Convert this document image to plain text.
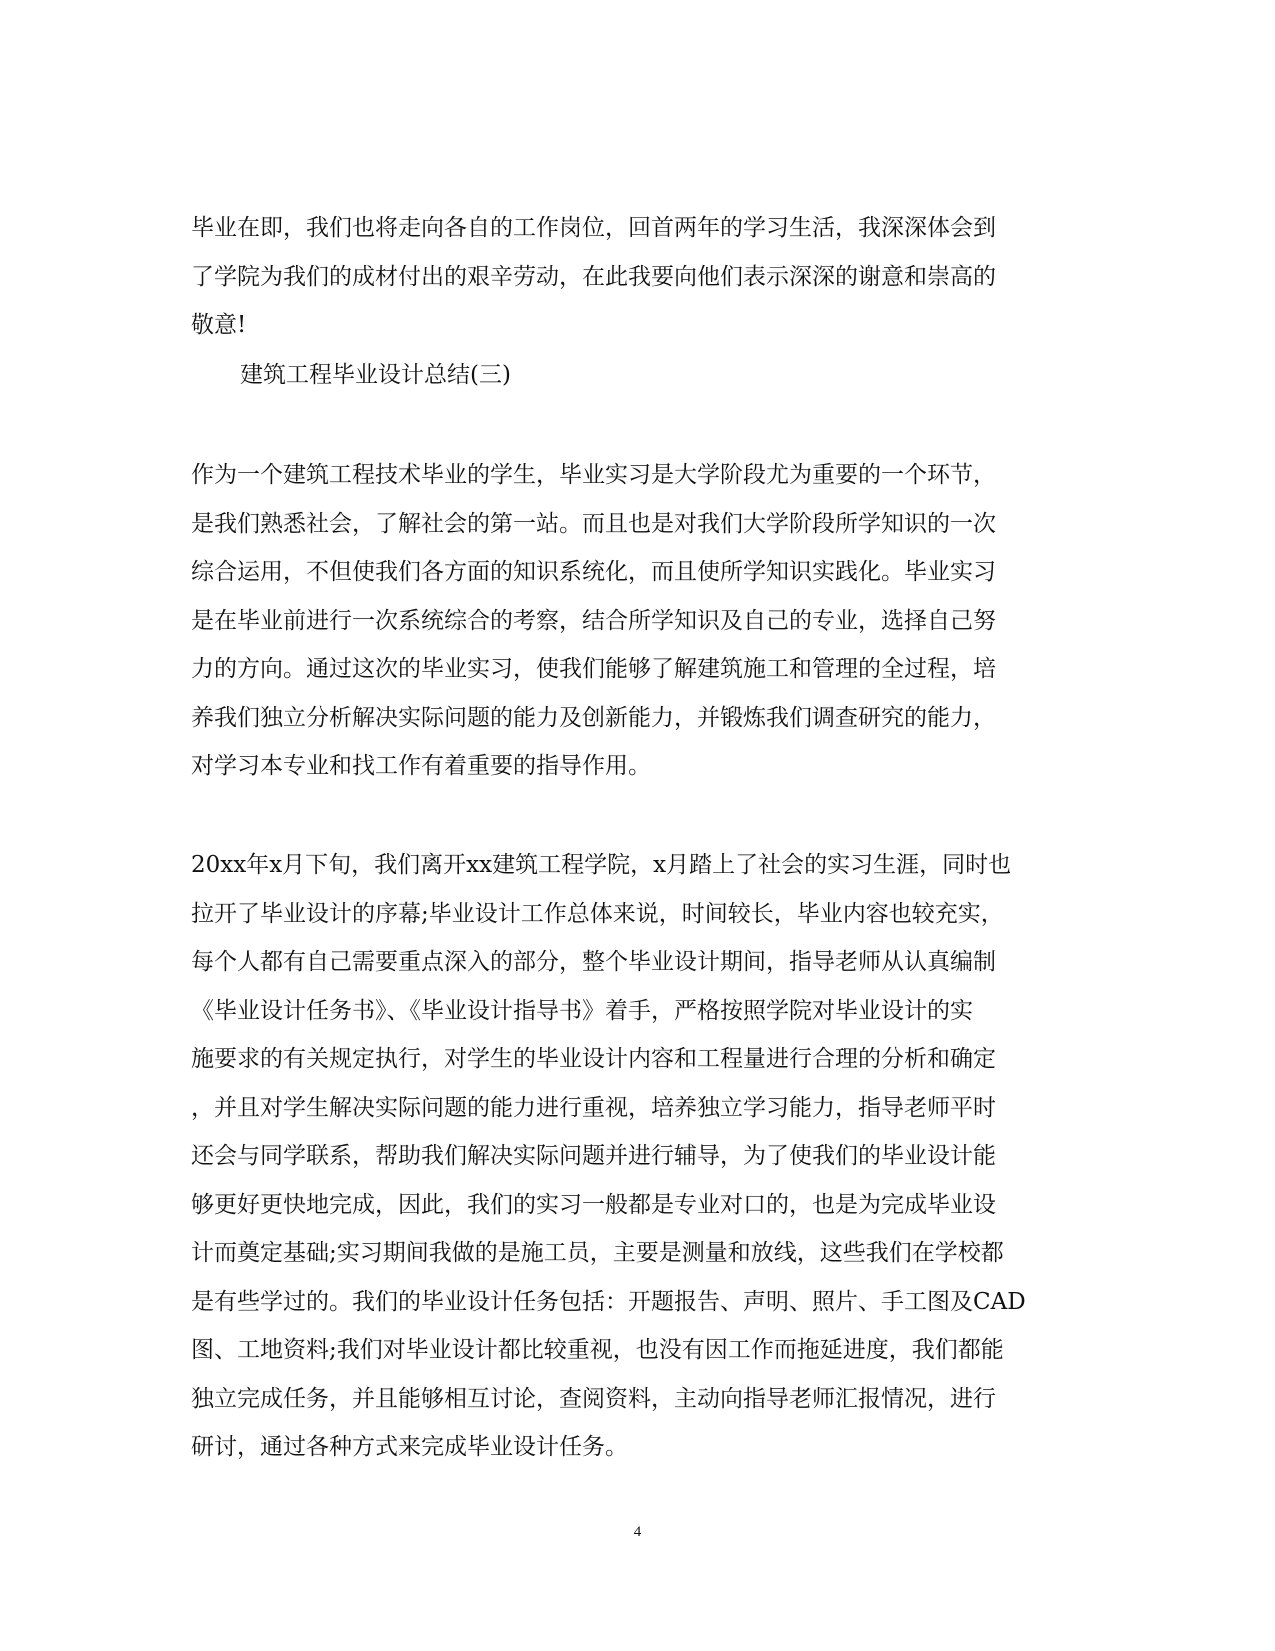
毕业在即，我们也将走向各自的工作岗位，回首两年的学习生活，我深深体会到
了学院为我们的成材付出的艰辛劳动，在此我要向他们表示深深的谢意和崇高的
敬意!
建筑工程毕业设计总结(三)
作为一个建筑工程技术毕业的学生，毕业实习是大学阶段尤为重要的一个环节，
是我们熟悉社会，了解社会的第一站。而且也是对我们大学阶段所学知识的一次
综合运用，不但使我们各方面的知识系统化，而且使所学知识实践化。毕业实习
是在毕业前进行一次系统综合的考察，结合所学知识及自己的专业，选择自己努
力的方向。通过这次的毕业实习，使我们能够了解建筑施工和管理的全过程，培
养我们独立分析解决实际问题的能力及创新能力，并锻炼我们调查研究的能力，
对学习本专业和找工作有着重要的指导作用。
20xx年x月下旬，我们离开xx建筑工程学院，x月踏上了社会的实习生涯，同时也
拉开了毕业设计的序幕;毕业设计工作总体来说，时间较长，毕业内容也较充实，
每个人都有自己需要重点深入的部分，整个毕业设计期间，指导老师从认真编制
《毕业设计任务书》、《毕业设计指导书》着手，严格按照学院对毕业设计的实
施要求的有关规定执行，对学生的毕业设计内容和工程量进行合理的分析和确定
，并且对学生解决实际问题的能力进行重视，培养独立学习能力，指导老师平时
还会与同学联系，帮助我们解决实际问题并进行辅导，为了使我们的毕业设计能
够更好更快地完成，因此，我们的实习一般都是专业对口的，也是为完成毕业设
计而奠定基础;实习期间我做的是施工员，主要是测量和放线，这些我们在学校都
是有些学过的。我们的毕业设计任务包括：开题报告、声明、照片、手工图及CAD
图、工地资料;我们对毕业设计都比较重视，也没有因工作而拖延进度，我们都能
独立完成任务，并且能够相互讨论，查阅资料，主动向指导老师汇报情况，进行
研讨，通过各种方式来完成毕业设计任务。
4
